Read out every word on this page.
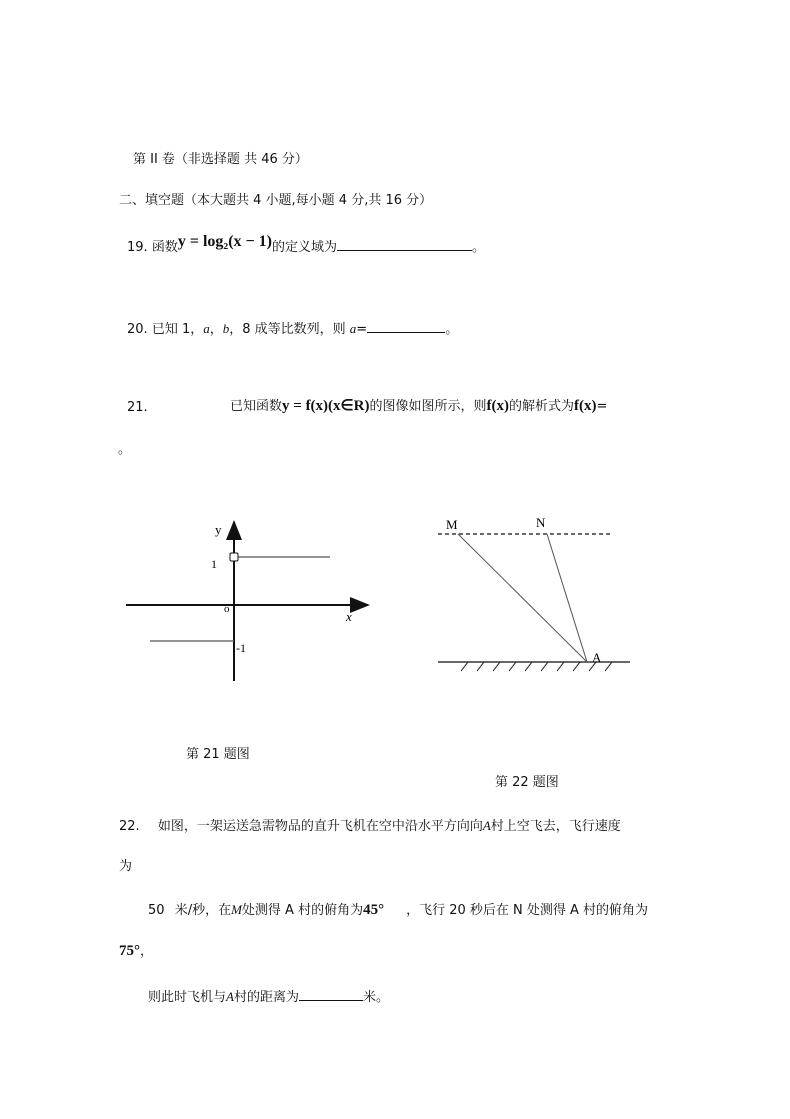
第 II 卷（非选择题 共 46 分）
二、填空题（本大题共 4 小题,每小题 4 分,共 16 分）
19. 函数y = log₂(x − 1)的定义域为	。
20. 已知 1，a，b，8 成等比数列，则 a=	。
21.	已知函数y = f(x)(x∈R)的图像如图所示，则f(x)的解析式为f(x)=
。
y
x
o
1
-1
第 21 题图
M	N
A
第 22 题图
22. 如图，一架运送急需物品的直升飞机在空中沿水平方向向A村上空飞去，飞行速度
为
50 米/秒，在M处测得 A 村的俯角为45° ，飞行 20 秒后在 N 处测得 A 村的俯角为
75°，
则此时飞机与A村的距离为	米。
